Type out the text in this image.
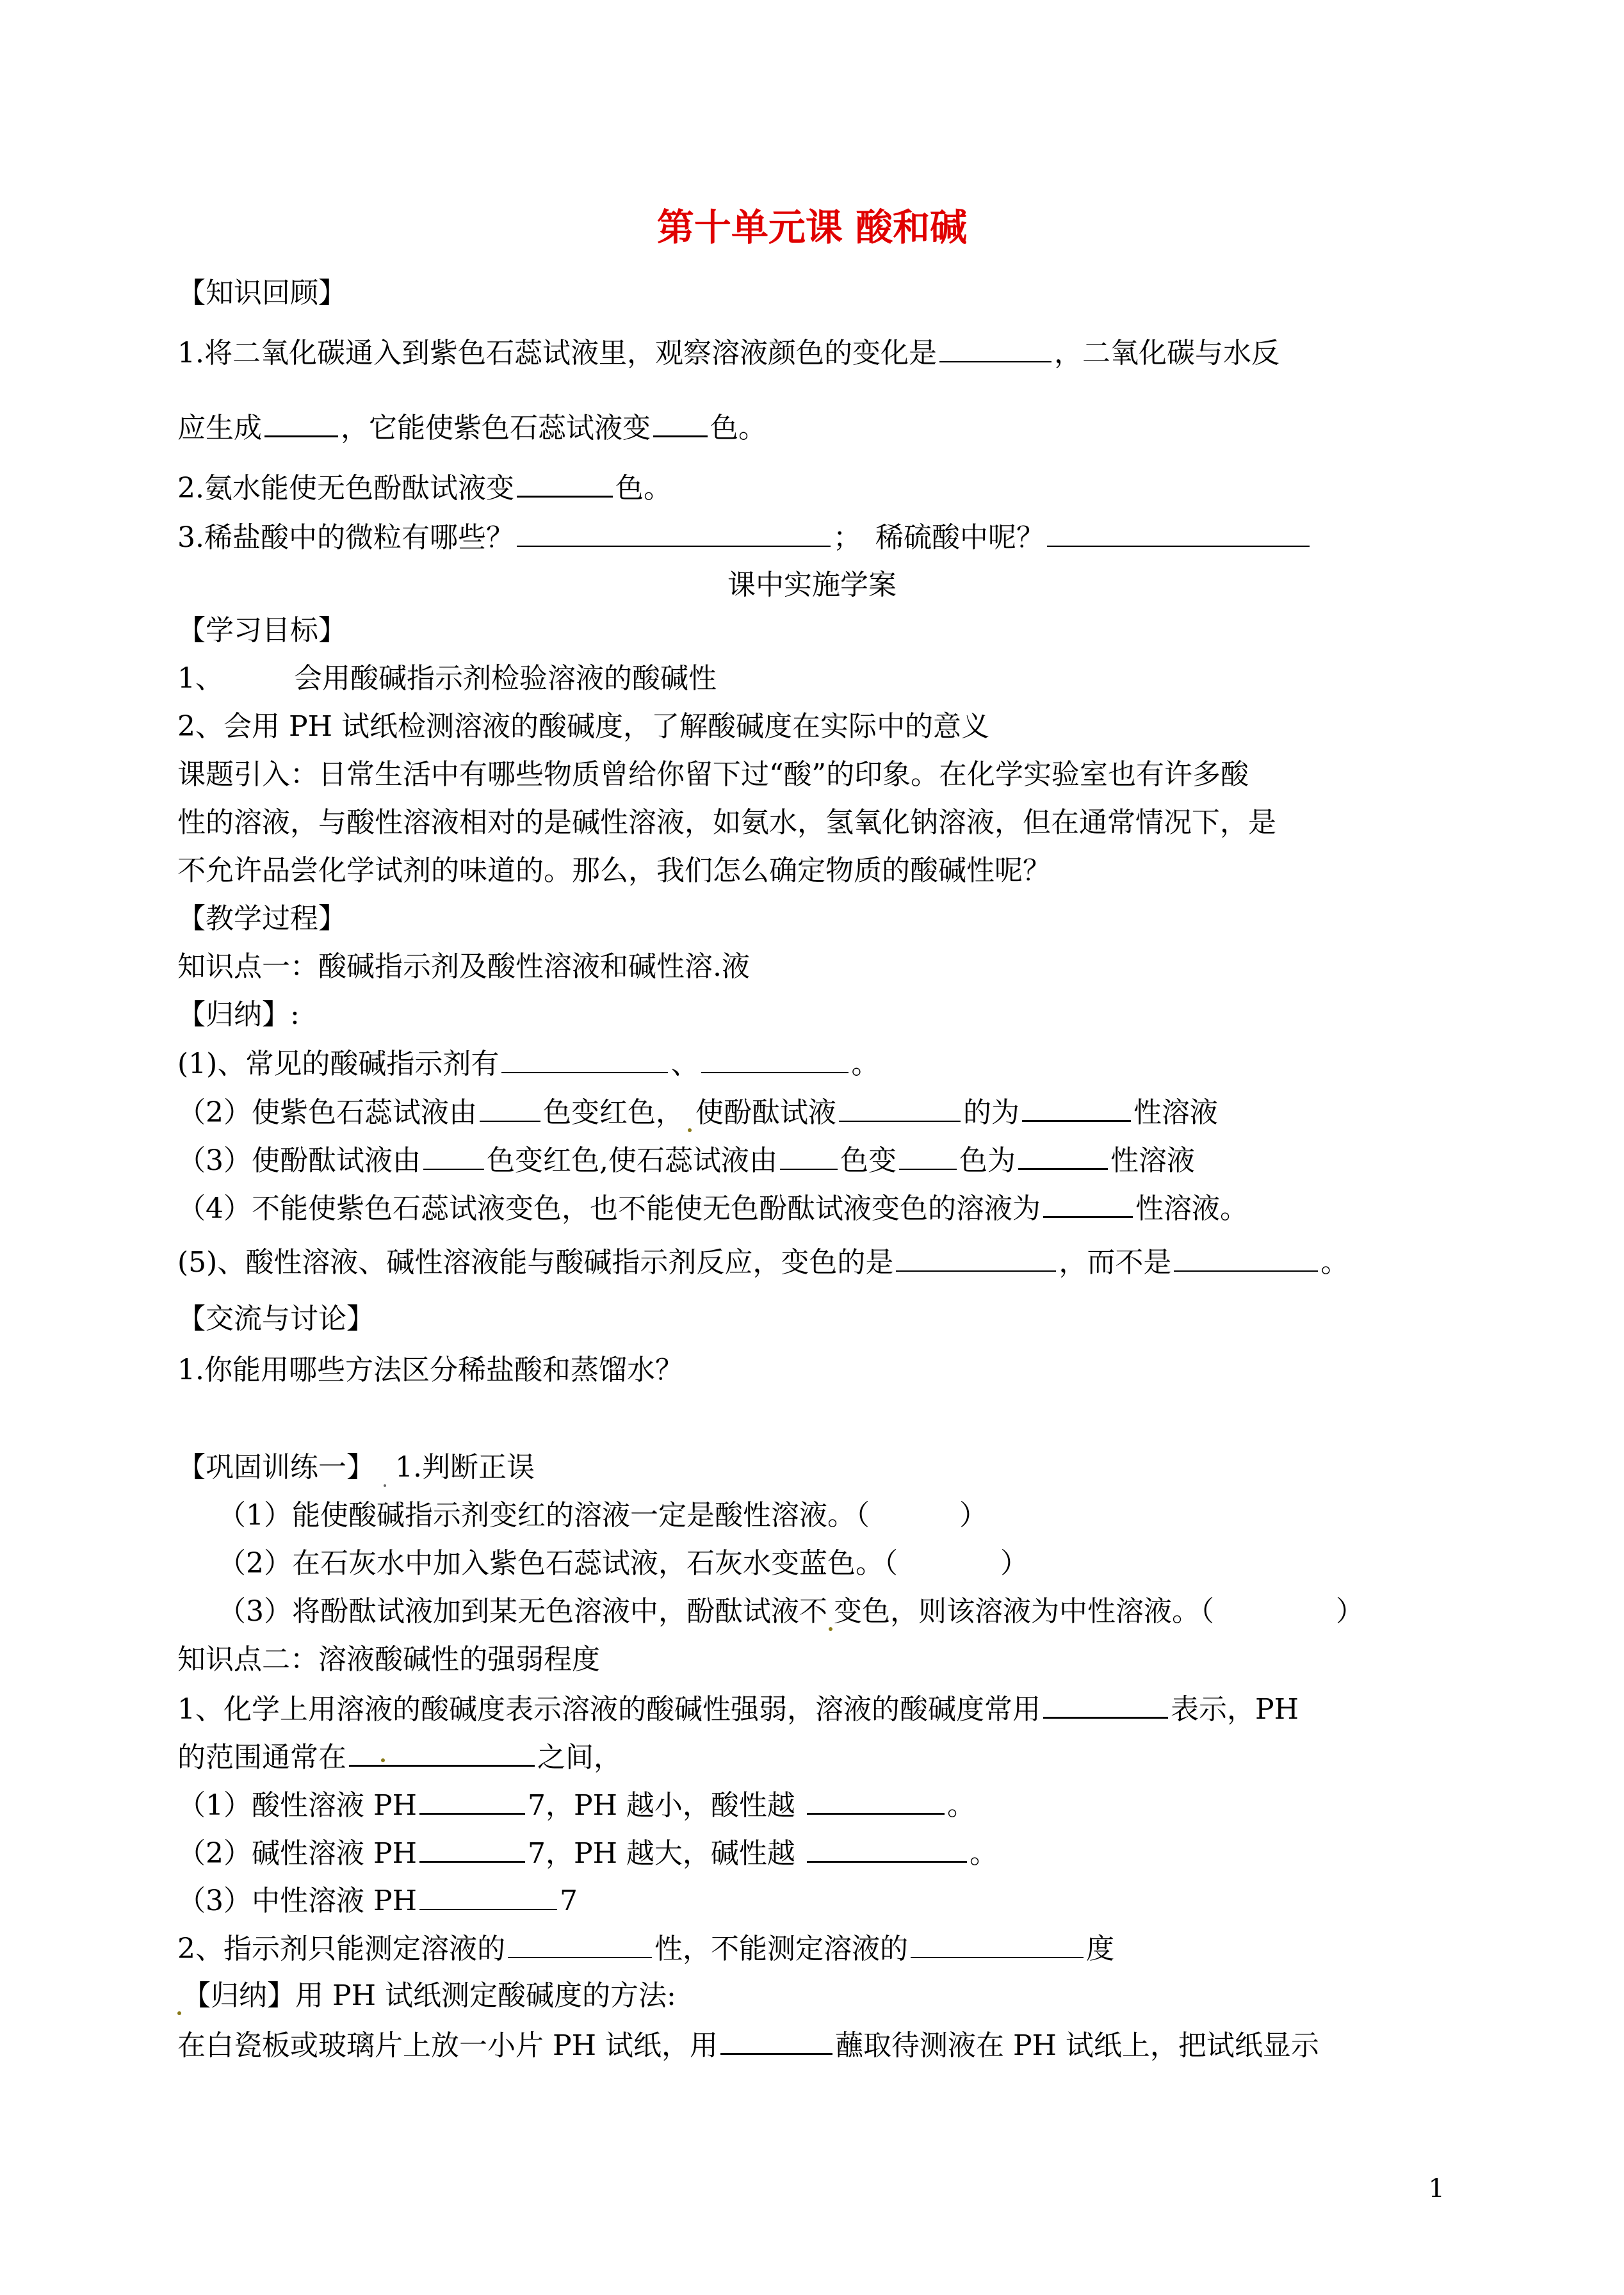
第十单元课 酸和碱
【知识回顾】
1.将二氧化碳通入到紫色石蕊试液里，观察溶液颜色的变化是	，二氧化碳与水反
应生成	，它能使紫色石蕊试液变 色。
2.氨水能使无色酚酞试液变	色。
3.稀盐酸中的微粒有哪些？	；　稀硫酸中呢？
课中实施学案
【学习目标】
1、	会用酸碱指示剂检验溶液的酸碱性
2、会用 PH 试纸检测溶液的酸碱度，了解酸碱度在实际中的意义
课题引入：日常生活中有哪些物质曾给你留下过“酸”的印象。在化学实验室也有许多酸
性的溶液，与酸性溶液相对的是碱性溶液，如氨水，氢氧化钠溶液，但在通常情况下，是
不允许品尝化学试剂的味道的。那么，我们怎么确定物质的酸碱性呢？
【教学过程】
知识点一：酸碱指示剂及酸性溶液和碱性溶.液
【归纳】:
(1)、常见的酸碱指示剂有	、	。
（2）使紫色石蕊试液由 色变红色， 使酚酞试液	的为	性溶液
（3）使酚酞试液由 色变红色,使石蕊试液由 色变 色为	性溶液
（4）不能使紫色石蕊试液变色，也不能使无色酚酞试液变色的溶液为	性溶液。
(5)、酸性溶液、碱性溶液能与酸碱指示剂反应，变色的是	，而不是	。
【交流与讨论】
1.你能用哪些方法区分稀盐酸和蒸馏水？
【巩固训练一】 1.判断正误
（1）能使酸碱指示剂变红的溶液一定是酸性溶液。（	）
（2）在石灰水中加入紫色石蕊试液，石灰水变蓝色。（	）
（3）将酚酞试液加到某无色溶液中，酚酞试液不 变色，则该溶液为中性溶液。（	）
知识点二：溶液酸碱性的强弱程度
1、化学上用溶液的酸碱度表示溶液的酸碱性强弱，溶液的酸碱度常用	表示，PH
的范围通常在	之间，
（1）酸性溶液 PH	7，PH 越小，酸性越	。
（2）碱性溶液 PH	7，PH 越大，碱性越	。
（3）中性溶液 PH	7
2、指示剂只能测定溶液的	性，不能测定溶液的	度
【归纳】用 PH 试纸测定酸碱度的方法:
在白瓷板或玻璃片上放一小片 PH 试纸，用	蘸取待测液在 PH 试纸上，把试纸显示
1
